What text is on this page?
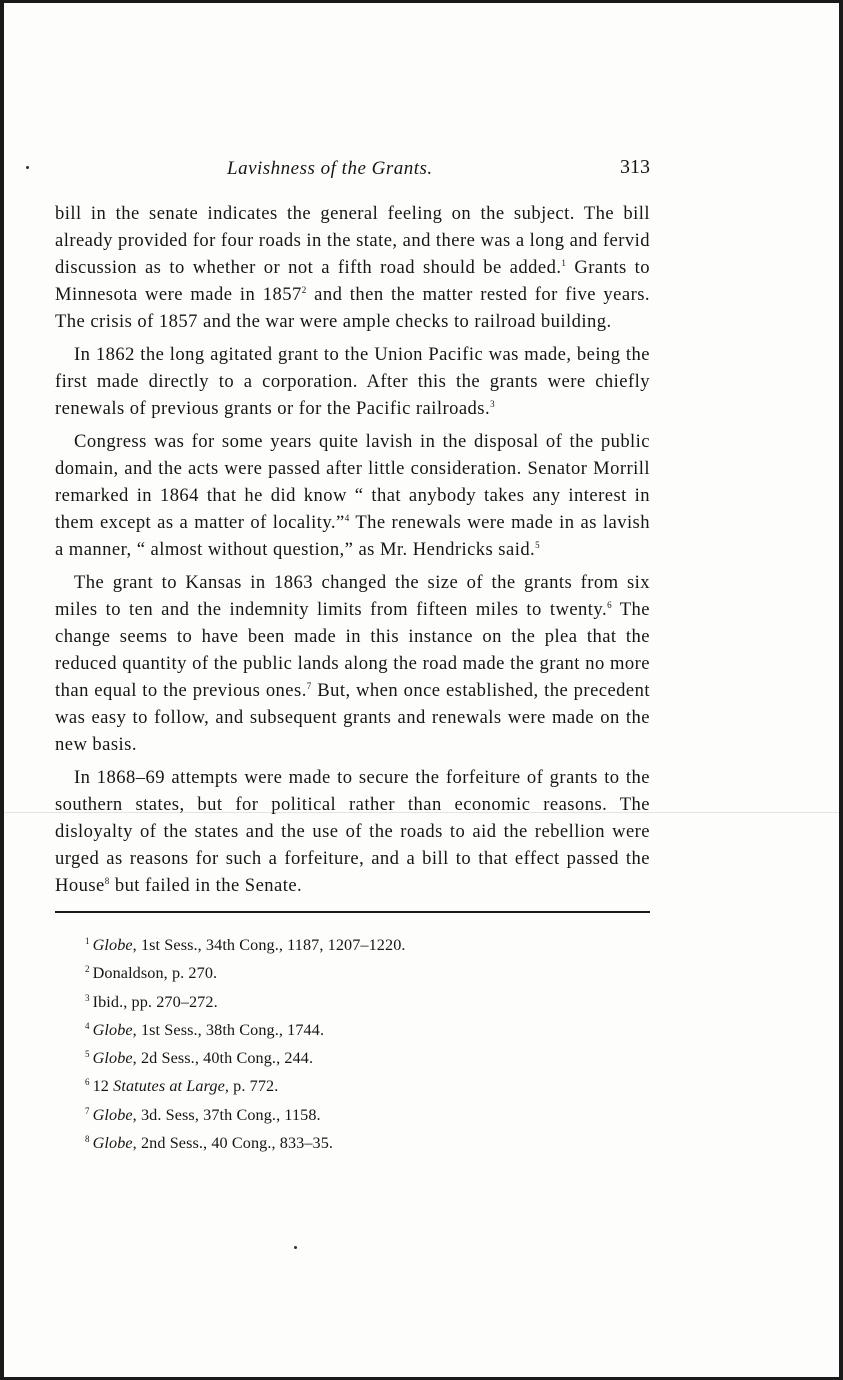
Lavishness of the Grants.	313

bill in the senate indicates the general feeling on the subject. The bill already provided for four roads in the state, and there was a long and fervid discussion as to whether or not a fifth road should be added.$^1$ Grants to Minnesota were made in 1857$^2$ and then the matter rested for five years. The crisis of 1857 and the war were ample checks to railroad building.

In 1862 the long agitated grant to the Union Pacific was made, being the first made directly to a corporation. After this the grants were chiefly renewals of previous grants or for the Pacific railroads.$^3$

Congress was for some years quite lavish in the disposal of the public domain, and the acts were passed after little consideration. Senator Morrill remarked in 1864 that he did know “ that anybody takes any interest in them except as a matter of locality.”$^4$ The renewals were made in as lavish a manner, “ almost without question,” as Mr. Hendricks said.$^5$

The grant to Kansas in 1863 changed the size of the grants from six miles to ten and the indemnity limits from fifteen miles to twenty.$^6$ The change seems to have been made in this instance on the plea that the reduced quantity of the public lands along the road made the grant no more than equal to the previous ones.$^7$ But, when once established, the precedent was easy to follow, and subsequent grants and renewals were made on the new basis.

In 1868–69 attempts were made to secure the forfeiture of grants to the southern states, but for political rather than economic reasons. The disloyalty of the states and the use of the roads to aid the rebellion were urged as reasons for such a forfeiture, and a bill to that effect passed the House$^8$ but failed in the Senate.

$^1$ Globe, 1st Sess., 34th Cong., 1187, 1207–1220.
$^2$ Donaldson, p. 270.
$^3$ Ibid., pp. 270–272.
$^4$ Globe, 1st Sess., 38th Cong., 1744.
$^5$ Globe, 2d Sess., 40th Cong., 244.
$^6$ 12 Statutes at Large, p. 772.
$^7$ Globe, 3d. Sess, 37th Cong., 1158.
$^8$ Globe, 2nd Sess., 40 Cong., 833–35.
